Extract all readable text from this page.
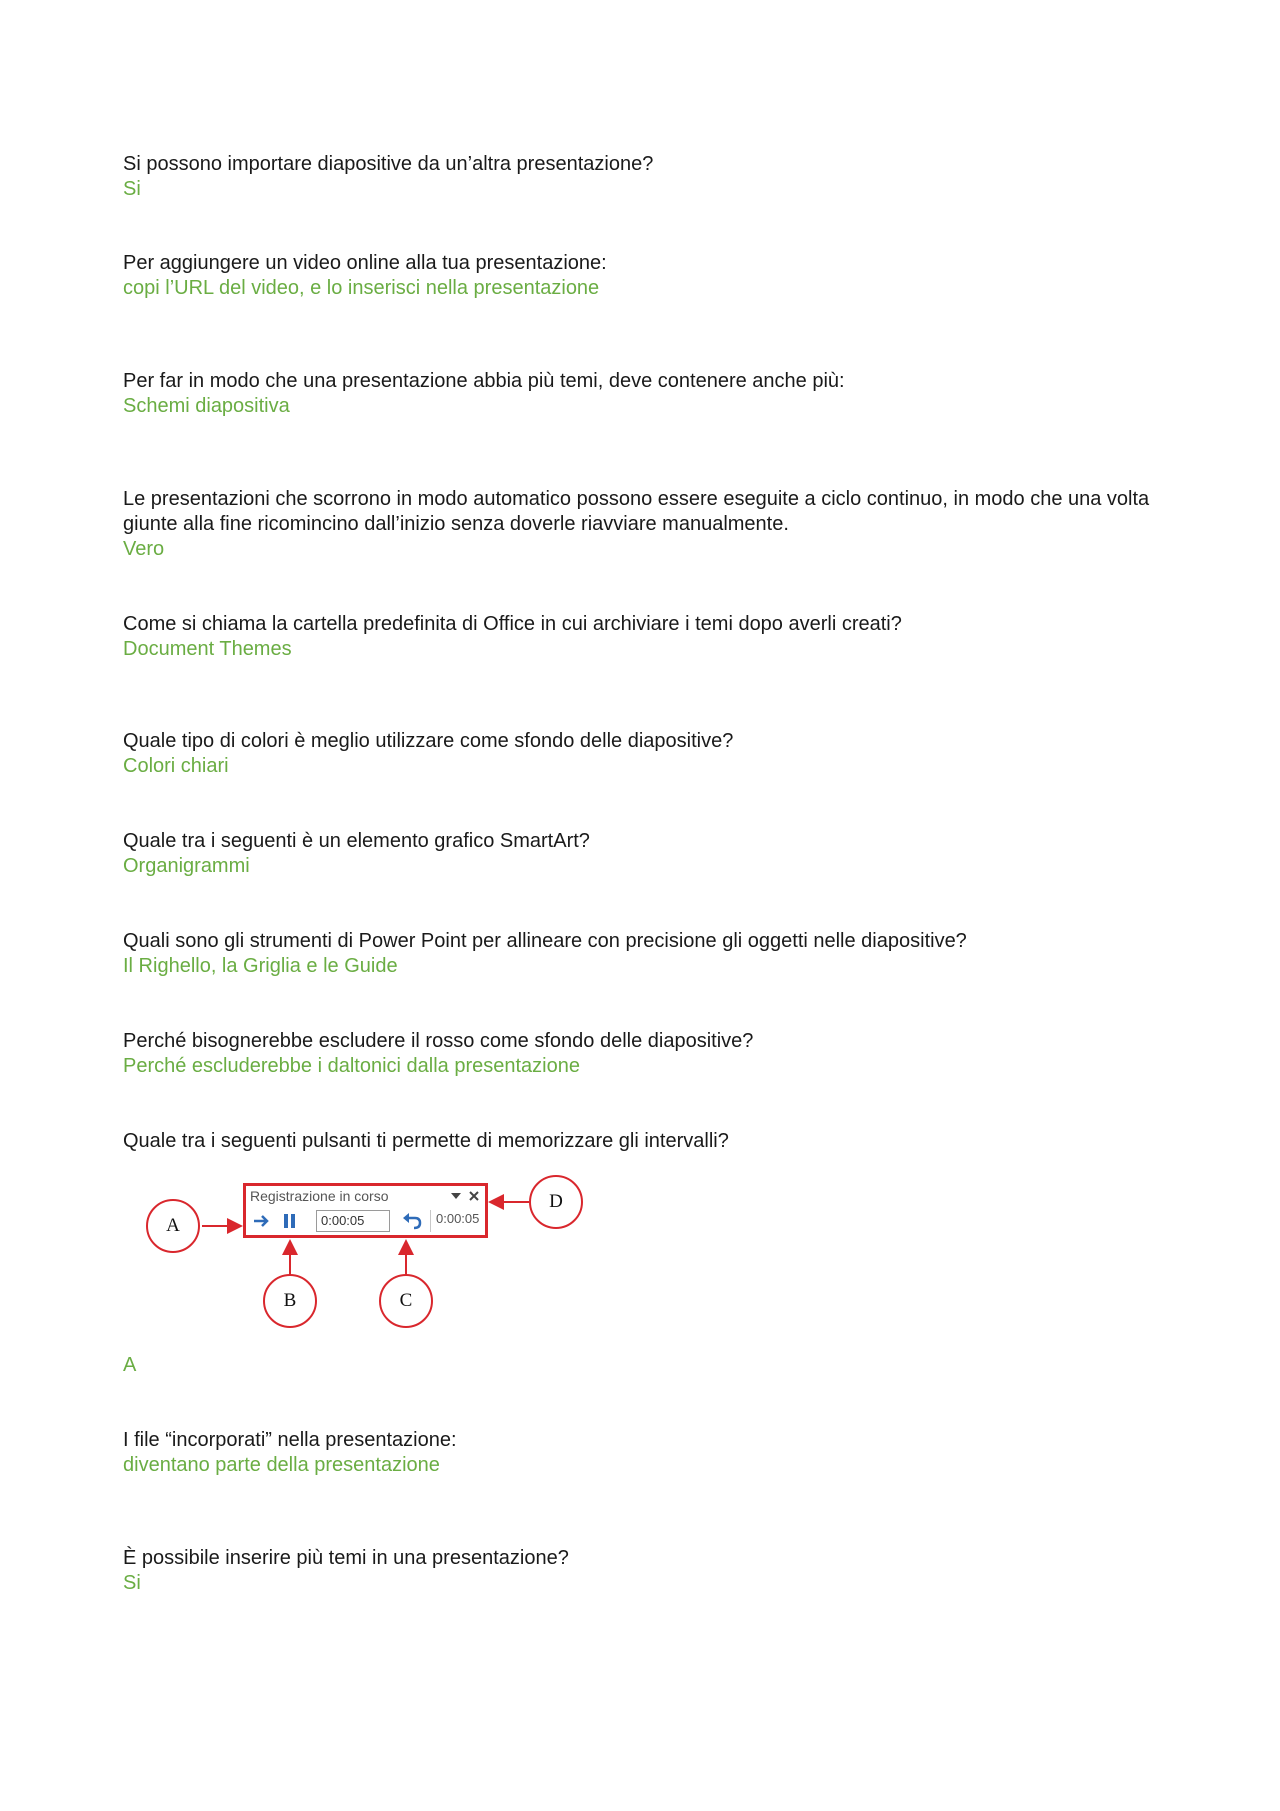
Si possono importare diapositive da un’altra presentazione?

Si

Per aggiungere un video online alla tua presentazione:

copi l’URL del video, e lo inserisci nella presentazione

Per far in modo che una presentazione abbia più temi, deve contenere anche più:

Schemi diapositiva

Le presentazioni che scorrono in modo automatico possono essere eseguite a ciclo continuo, in modo che una volta giunte alla fine ricomincino dall’inizio senza doverle riavviare manualmente.

Vero

Come si chiama la cartella predefinita di Office in cui archiviare i temi dopo averli creati?

Document Themes

Quale tipo di colori è meglio utilizzare come sfondo delle diapositive?

Colori chiari

Quale tra i seguenti è un elemento grafico SmartArt?

Organigrammi

Quali sono gli strumenti di Power Point per allineare con precisione gli oggetti nelle diapositive?

Il Righello, la Griglia e le Guide

Perché bisognerebbe escludere il rosso come sfondo delle diapositive?

Perché escluderebbe i daltonici dalla presentazione

Quale tra i seguenti pulsanti ti permette di memorizzare gli intervalli?

Registrazione in corso
0:00:05	0:00:05
A
D
B	C

A

I file “incorporati” nella presentazione:

diventano parte della presentazione

È possibile inserire più temi in una presentazione?

Si
